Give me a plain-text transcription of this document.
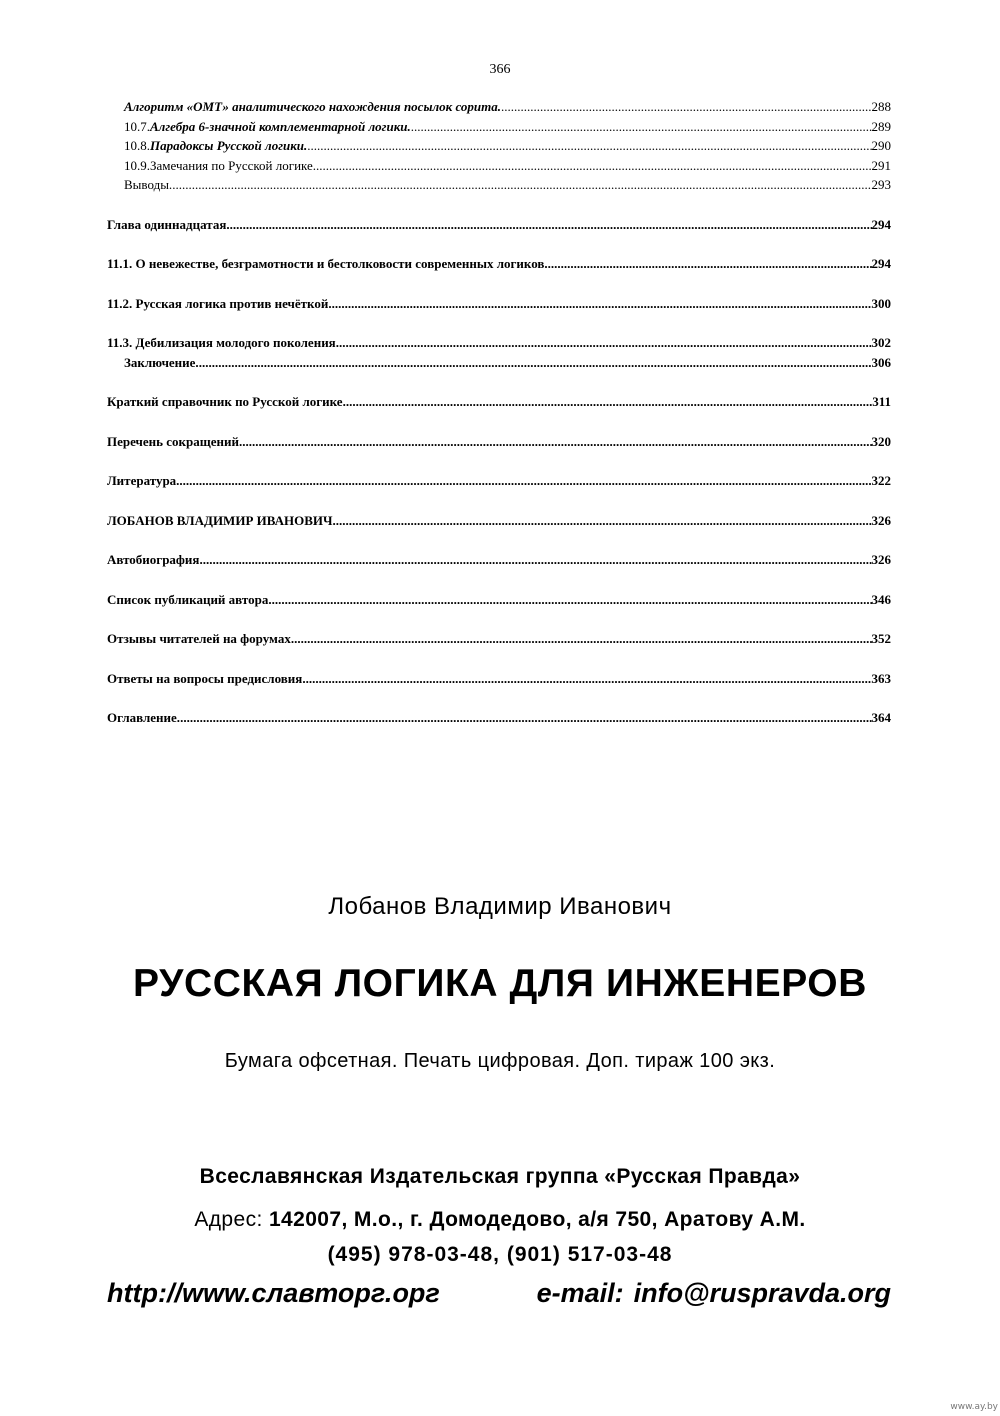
366
Алгоритм «ОМТ» аналитического нахождения посылок сорита. .....	288
10.7. Алгебра 6-значной комплементарной логики. .....	289
10.8. Парадоксы Русской логики. .....	290
10.9. Замечания по Русской логике .....	291
Выводы. .....	293
Глава одиннадцатая .....	294
11.1. О невежестве, безграмотности и бестолковости современных логиков. .....	294
11.2. Русская логика против нечёткой .....	300
11.3. Дебилизация молодого поколения. .....	302
Заключение. .....	306
Краткий справочник по Русской логике .....	311
Перечень сокращений .....	320
Литература .....	322
ЛОБАНОВ ВЛАДИМИР ИВАНОВИЧ. .....	326
Автобиография .....	326
Список публикаций автора .....	346
Отзывы читателей на форумах. .....	352
Ответы на вопросы предисловия .....	363
Оглавление. .....	364
Лобанов Владимир Иванович
РУССКАЯ ЛОГИКА ДЛЯ ИНЖЕНЕРОВ
Бумага офсетная. Печать цифровая. Доп. тираж 100 экз.
Всеславянская Издательская группа «Русская Правда»
Адрес: 142007, М.о., г. Домодедово, а/я 750, Аратову А.М.
(495) 978-03-48, (901) 517-03-48
http://www.славторг.орг	e-mail: info@ruspravda.org
www.ay.by
